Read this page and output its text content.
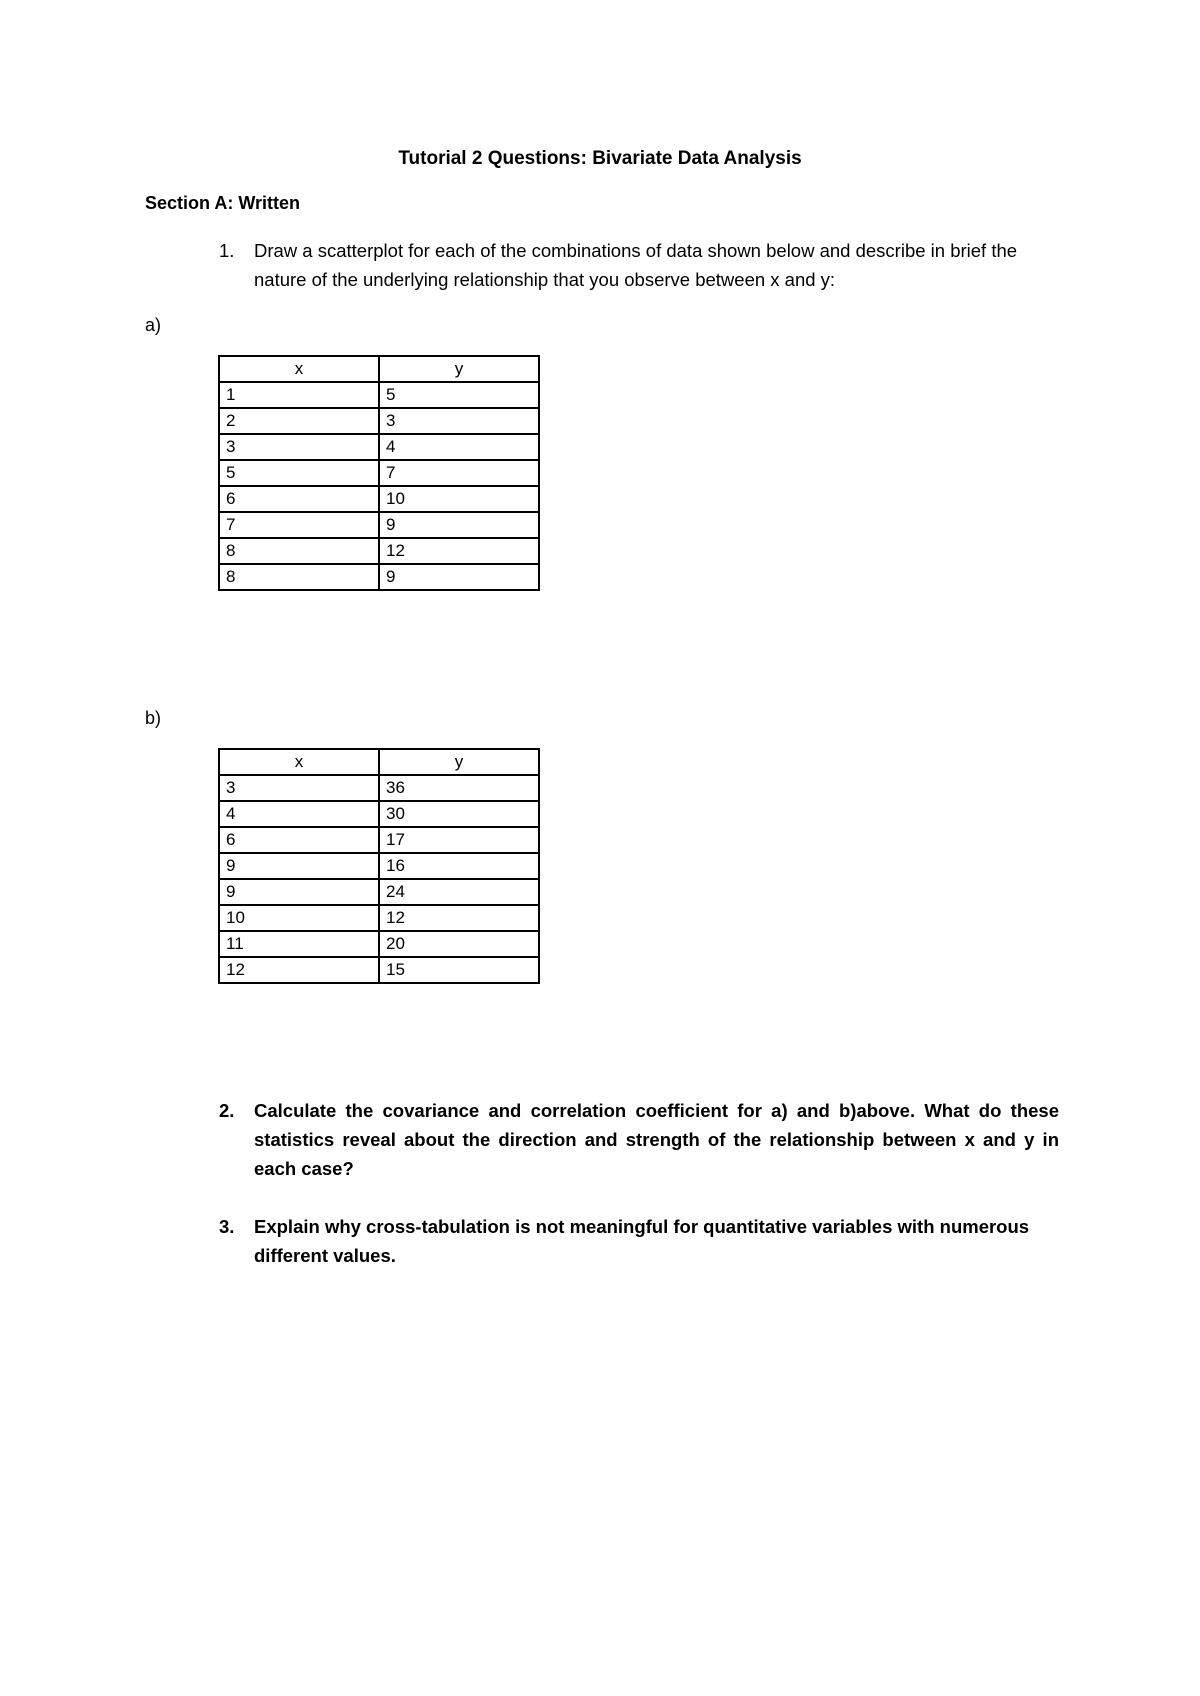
Tutorial 2 Questions: Bivariate Data Analysis
Section A: Written
1. Draw a scatterplot for each of the combinations of data shown below and describe in brief the nature of the underlying relationship that you observe between x and y:
a)
x	y
1	5
2	3
3	4
5	7
6	10
7	9
8	12
8	9
b)
x	y
3	36
4	30
6	17
9	16
9	24
10	12
11	20
12	15
2. Calculate the covariance and correlation coefficient for a) and b)above. What do these statistics reveal about the direction and strength of the relationship between x and y in each case?
3. Explain why cross-tabulation is not meaningful for quantitative variables with numerous different values.
